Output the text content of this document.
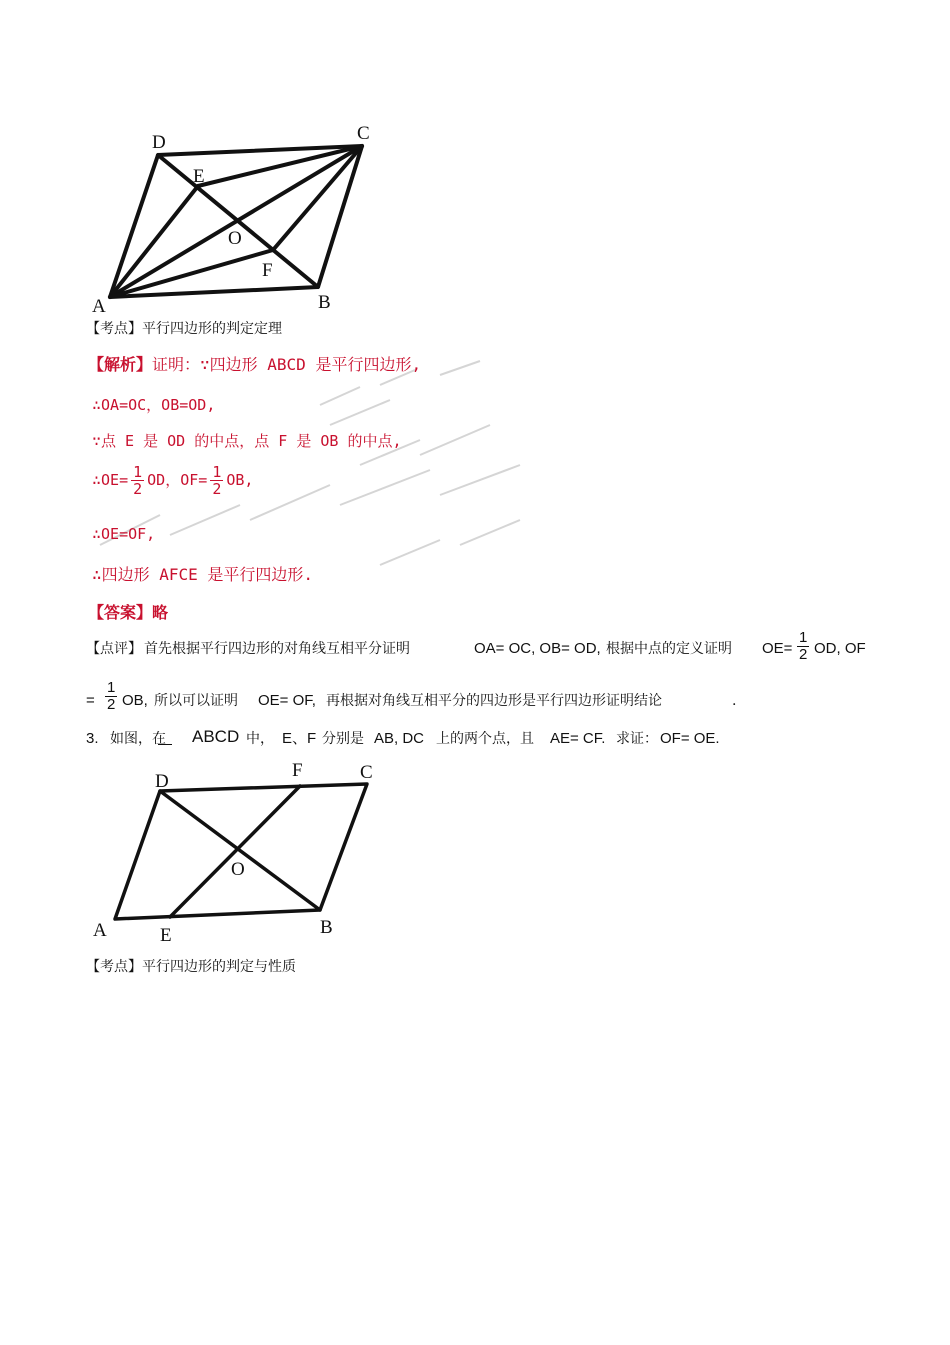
A	B
C
D
E
F
O
【考点】平行四边形的判定定理
【解析】证明：∵四边形 ABCD 是平行四边形,
∴OA=OC，OB=OD,
∵点 E 是 OD 的中点，点 F 是 OB 的中点,
∴OE= $\frac{1}{2}$ OD，$OF= \frac{1}{2}$ OB,
∴OE=OF,
∴四边形 AFCE 是平行四边形.
【答案】略
【点评】 首先根据平行四边形的对角线互相平分证明	OA= OC, OB= OD, 根据中点的定义证明 $OE= \frac{1}{2}$ OD, OF
= $\frac{1}{2}$ OB, 所以可以证明 OE= OF, 再根据对角线互相平分的四边形是平行四边形证明结论	.
3. 如图，在 ABCD 中， E、F 分别是 AB, DC 上的两个点，且 AE= CF. 求证： OF= OE.
A	E	B
C
D
F
O
【考点】平行四边形的判定与性质
